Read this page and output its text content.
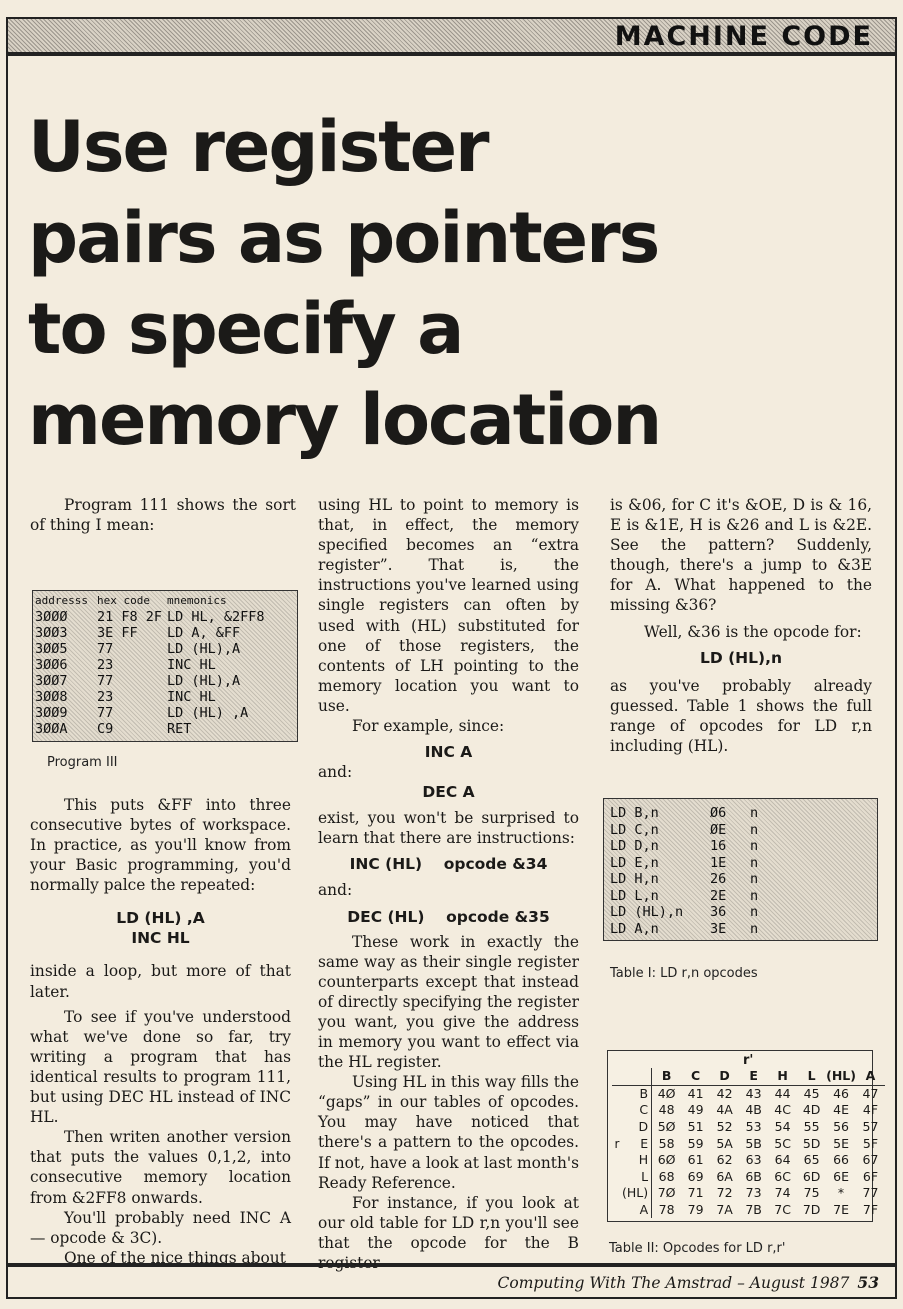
MACHINE CODE
Use register
pairs as pointers
to specify a
memory location

Program 111 shows the sort of thing I mean:

addresss hex code	mnemonics
3ØØØ	21 F8 2F LD HL, &2FF8
3ØØ3	3E FF	LD A, &FF
3ØØ5	77	LD (HL),A
3ØØ6	23	INC HL
3ØØ7	77	LD (HL),A
3ØØ8	23	INC HL
3ØØ9	77	LD (HL) ,A
3ØØA	C9	RET
Program III

This puts &FF into three consecutive bytes of workspace. In practice, as you'll know from your Basic programming, you'd normally palce the repeated:

LD (HL) ,A
INC HL

inside a loop, but more of that later.

To see if you've understood what we've done so far, try writing a program that has identical results to program 111, but using DEC HL instead of INC HL.

Then writen another version that puts the values 0,1,2, into consecutive memory location from &2FF8 onwards.

You'll probably need INC A — opcode & 3C).

One of the nice things about

using HL to point to memory is that, in effect, the memory specified becomes an “extra register”. That is, the instructions you've learned using single registers can often by used with (HL) substituted for one of those registers, the contents of LH pointing to the memory location you want to use.

For example, since:

INC A

and:

DEC A

exist, you won't be surprised to learn that there are instructions:

INC (HL)    opcode &34

and:

DEC (HL)    opcode &35

These work in exactly the same way as their single register counterparts except that instead of directly specifying the register you want, you give the address in memory you want to effect via the HL register.

Using HL in this way fills the “gaps” in our tables of opcodes. You may have noticed that there's a pattern to the opcodes. If not, have a look at last month's Ready Reference.

For instance, if you look at our old table for LD r,n you'll see that the opcode for the B register

is &06, for C it's &OE, D is & 16, E is &1E, H is &26 and L is &2E. See the pattern? Suddenly, though, there's a jump to &3E for A. What happened to the missing &36?

Well, &36 is the opcode for:

LD (HL),n

as you've probably already guessed. Table 1 shows the full range of opcodes for LD r,n including (HL).

LD B,n	Ø6	n
LD C,n	ØE	n
LD D,n	16	n
LD E,n	1E	n
LD H,n	26	n
LD L,n	2E	n
LD (HL),n	36	n
LD A,n	3E	n
Table I: LD r,n opcodes
r'
		B	C	D	E	H	L	(HL)	A
	B	4Ø	41	42	43	44	45	46	47
	C	48	49	4A	4B	4C	4D	4E	4F
	D	5Ø	51	52	53	54	55	56	57
r	E	58	59	5A	5B	5C	5D	5E	5F
	H	6Ø	61	62	63	64	65	66	67
	L	68	69	6A	6B	6C	6D	6E	6F
	(HL)	7Ø	71	72	73	74	75	*	77
	A	78	79	7A	7B	7C	7D	7E	7F
Table II: Opcodes for LD r,r'
Computing With The Amstrad – August 1987 53
